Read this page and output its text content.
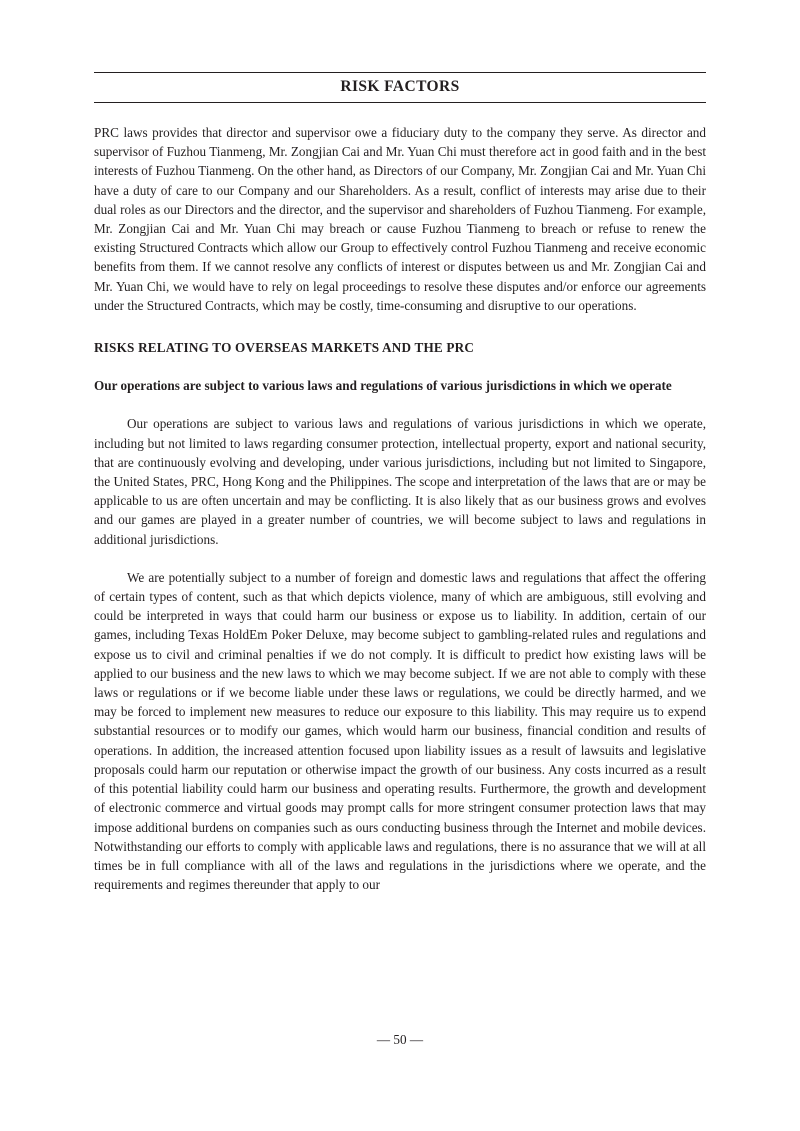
RISK FACTORS

PRC laws provides that director and supervisor owe a fiduciary duty to the company they serve. As director and supervisor of Fuzhou Tianmeng, Mr. Zongjian Cai and Mr. Yuan Chi must therefore act in good faith and in the best interests of Fuzhou Tianmeng. On the other hand, as Directors of our Company, Mr. Zongjian Cai and Mr. Yuan Chi have a duty of care to our Company and our Shareholders. As a result, conflict of interests may arise due to their dual roles as our Directors and the director, and the supervisor and shareholders of Fuzhou Tianmeng. For example, Mr. Zongjian Cai and Mr. Yuan Chi may breach or cause Fuzhou Tianmeng to breach or refuse to renew the existing Structured Contracts which allow our Group to effectively control Fuzhou Tianmeng and receive economic benefits from them. If we cannot resolve any conflicts of interest or disputes between us and Mr. Zongjian Cai and Mr. Yuan Chi, we would have to rely on legal proceedings to resolve these disputes and/or enforce our agreements under the Structured Contracts, which may be costly, time-consuming and disruptive to our operations.

RISKS RELATING TO OVERSEAS MARKETS AND THE PRC
Our operations are subject to various laws and regulations of various jurisdictions in which we operate

Our operations are subject to various laws and regulations of various jurisdictions in which we operate, including but not limited to laws regarding consumer protection, intellectual property, export and national security, that are continuously evolving and developing, under various jurisdictions, including but not limited to Singapore, the United States, PRC, Hong Kong and the Philippines. The scope and interpretation of the laws that are or may be applicable to us are often uncertain and may be conflicting. It is also likely that as our business grows and evolves and our games are played in a greater number of countries, we will become subject to laws and regulations in additional jurisdictions.

We are potentially subject to a number of foreign and domestic laws and regulations that affect the offering of certain types of content, such as that which depicts violence, many of which are ambiguous, still evolving and could be interpreted in ways that could harm our business or expose us to liability. In addition, certain of our games, including Texas HoldEm Poker Deluxe, may become subject to gambling-related rules and regulations and expose us to civil and criminal penalties if we do not comply. It is difficult to predict how existing laws will be applied to our business and the new laws to which we may become subject. If we are not able to comply with these laws or regulations or if we become liable under these laws or regulations, we could be directly harmed, and we may be forced to implement new measures to reduce our exposure to this liability. This may require us to expend substantial resources or to modify our games, which would harm our business, financial condition and results of operations. In addition, the increased attention focused upon liability issues as a result of lawsuits and legislative proposals could harm our reputation or otherwise impact the growth of our business. Any costs incurred as a result of this potential liability could harm our business and operating results. Furthermore, the growth and development of electronic commerce and virtual goods may prompt calls for more stringent consumer protection laws that may impose additional burdens on companies such as ours conducting business through the Internet and mobile devices. Notwithstanding our efforts to comply with applicable laws and regulations, there is no assurance that we will at all times be in full compliance with all of the laws and regulations in the jurisdictions where we operate, and the requirements and regimes thereunder that apply to our

— 50 —
